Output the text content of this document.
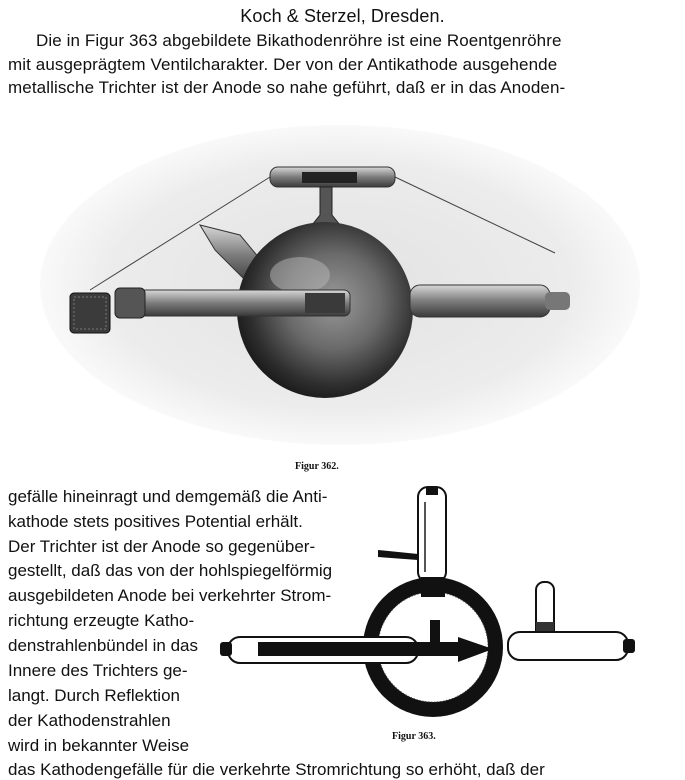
Koch & Sterzel, Dresden.
Die in Figur 363 abgebildete Bikathodenröhre ist eine Roentgenröhre
mit ausgeprägtem Ventilcharakter. Der von der Antikathode ausgehende
metallische Trichter ist der Anode so nahe geführt, daß er in das Anoden-
Figur 362.
gefälle hineinragt und demgemäß die Anti-
kathode stets positives Potential erhält.
Der Trichter ist der Anode so gegenüber-
gestellt, daß das von der hohlspiegelförmig
ausgebildeten Anode bei verkehrter Strom-
richtung erzeugte Katho-
denstrahlenbündel in das
Innere des Trichters ge-
langt. Durch Reflektion
der Kathodenstrahlen
wird in bekannter Weise
das Kathodengefälle für die verkehrte Stromrichtung so erhöht, daß der
Figur 363.
